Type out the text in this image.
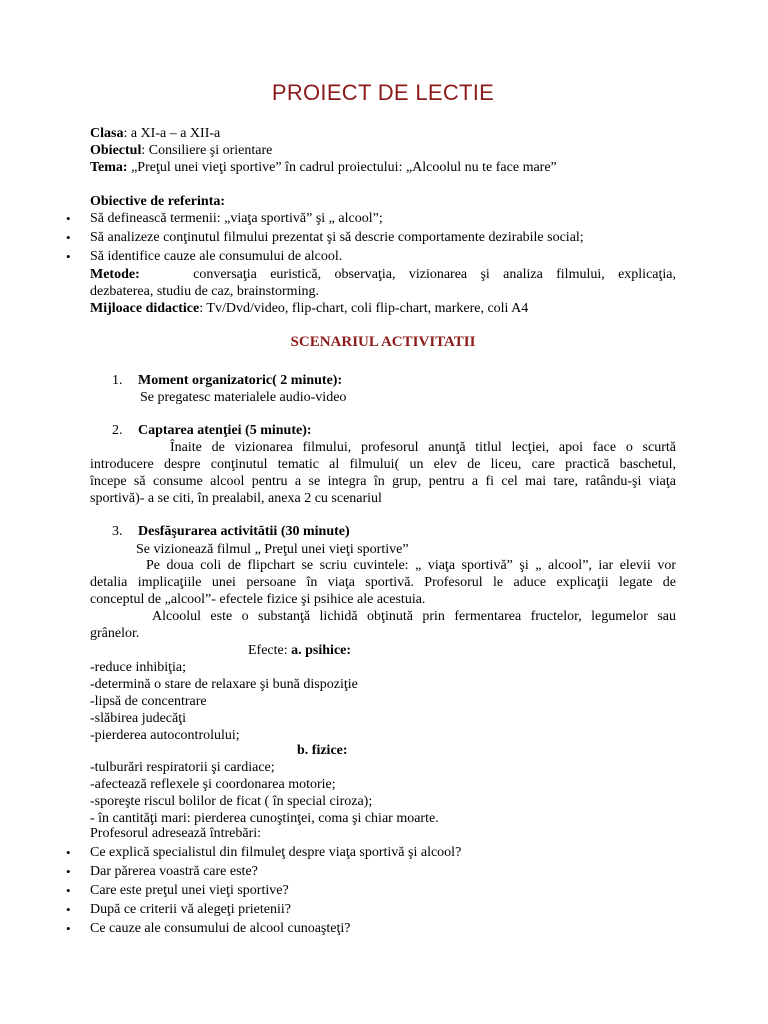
PROIECT DE LECTIE
Clasa: a XI-a – a XII-a
Obiectul: Consiliere şi orientare
Tema: „Preţul unei vieţi sportive” în cadrul proiectului: „Alcoolul nu te face mare”
Obiective de referinta:
• Să definească termenii: „viaţa sportivă” şi „ alcool”;
• Să analizeze conţinutul filmului prezentat şi să descrie comportamente dezirabile social;
• Să identifice cauze ale consumului de alcool.
Metode:	conversaţia euristică, observaţia, vizionarea şi analiza filmului, explicaţia,
dezbaterea, studiu de caz, brainstorming.
Mijloace didactice: Tv/Dvd/video, flip-chart, coli flip-chart, markere, coli A4
SCENARIUL ACTIVITATII
1. Moment organizatoric( 2 minute):
Se pregatesc materialele audio-video
2. Captarea atenţiei (5 minute):
Înaite de vizionarea filmului, profesorul anunţă titlul lecţiei, apoi face o scurtă
introducere despre conţinutul tematic al filmului( un elev de liceu, care practică baschetul,
începe să consume alcool pentru a se integra în grup, pentru a fi cel mai tare, ratându-şi viaţa
sportivă)- a se citi, în prealabil, anexa 2 cu scenariul
3. Desfăşurarea activitătii (30 minute)
Se vizionează filmul „ Preţul unei vieţi sportive”
Pe doua coli de flipchart se scriu cuvintele: „ viaţa sportivă” şi „ alcool”, iar elevii vor
detalia implicaţiile unei persoane în viaţa sportivă. Profesorul le aduce explicaţii legate de
conceptul de „alcool”- efectele fizice şi psihice ale acestuia.
Alcoolul este o substanţă lichidă obţinută prin fermentarea fructelor, legumelor sau
grânelor.
Efecte: a. psihice:
-reduce inhibiţia;
-determină o stare de relaxare şi bună dispoziţie
-lipsă de concentrare
-slăbirea judecăţi
-pierderea autocontrolului;
b. fizice:
-tulburări respiratorii şi cardiace;
-afectează reflexele şi coordonarea motorie;
-sporeşte riscul bolilor de ficat ( în special ciroza);
- în cantităţi mari: pierderea cunoştinţei, coma şi chiar moarte.
Profesorul adresează întrebări:
• Ce explică specialistul din filmuleţ despre viaţa sportivă şi alcool?
• Dar părerea voastră care este?
• Care este preţul unei vieţi sportive?
• După ce criterii vă alegeţi prietenii?
• Ce cauze ale consumului de alcool cunoaşteţi?
